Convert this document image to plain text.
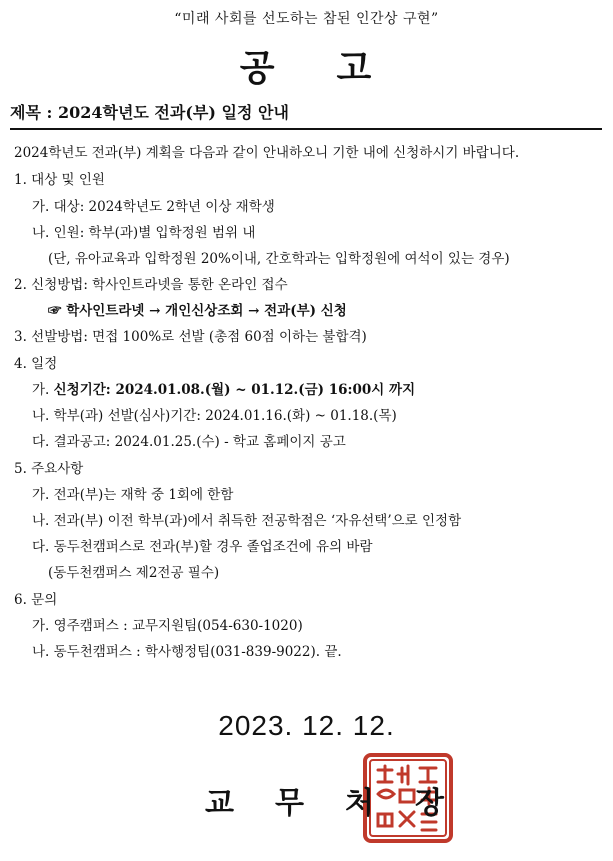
“미래 사회를 선도하는 참된 인간상 구현”
공 고
제목 : 2024학년도 전과(부) 일정 안내
2024학년도 전과(부) 계획을 다음과 같이 안내하오니 기한 내에 신청하시기 바랍니다.
1. 대상 및 인원
가. 대상: 2024학년도 2학년 이상 재학생
나. 인원: 학부(과)별 입학정원 범위 내
(단, 유아교육과 입학정원 20%이내, 간호학과는 입학정원에 여석이 있는 경우)
2. 신청방법: 학사인트라넷을 통한 온라인 접수
☞ 학사인트라넷 → 개인신상조회 → 전과(부) 신청
3. 선발방법: 면접 100%로 선발 (총점 60점 이하는 불합격)
4. 일정
가. 신청기간: 2024.01.08.(월) ~ 01.12.(금) 16:00시 까지
나. 학부(과) 선발(심사)기간: 2024.01.16.(화) ~ 01.18.(목)
다. 결과공고: 2024.01.25.(수) - 학교 홈페이지 공고
5. 주요사항
가. 전과(부)는 재학 중 1회에 한함
나. 전과(부) 이전 학부(과)에서 취득한 전공학점은 ‘자유선택’으로 인정함
다. 동두천캠퍼스로 전과(부)할 경우 졸업조건에 유의 바람
(동두천캠퍼스 제2전공 필수)
6. 문의
가. 영주캠퍼스 : 교무지원팀(054-630-1020)
나. 동두천캠퍼스 : 학사행정팀(031-839-9022). 끝.
2023. 12. 12.
교 무 처 장
